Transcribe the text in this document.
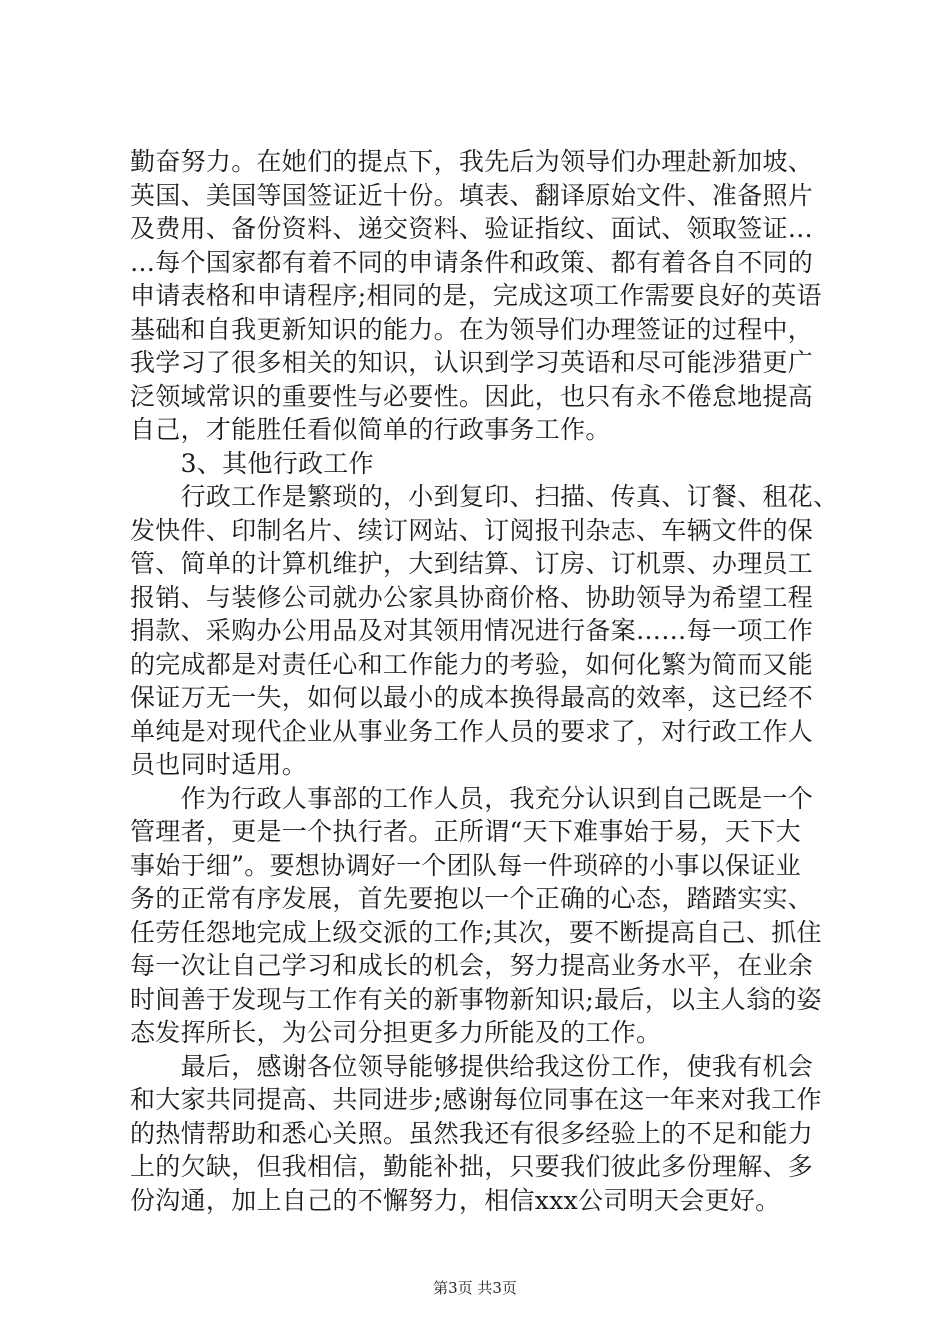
勤奋努力。在她们的提点下，我先后为领导们办理赴新加坡、
英国、美国等国签证近十份。填表、翻译原始文件、准备照片
及费用、备份资料、递交资料、验证指纹、面试、领取签证…
…每个国家都有着不同的申请条件和政策、都有着各自不同的
申请表格和申请程序;相同的是，完成这项工作需要良好的英语
基础和自我更新知识的能力。在为领导们办理签证的过程中，
我学习了很多相关的知识，认识到学习英语和尽可能涉猎更广
泛领域常识的重要性与必要性。因此，也只有永不倦怠地提高
自己，才能胜任看似简单的行政事务工作。
　　3、其他行政工作
　　行政工作是繁琐的，小到复印、扫描、传真、订餐、租花、
发快件、印制名片、续订网站、订阅报刊杂志、车辆文件的保
管、简单的计算机维护，大到结算、订房、订机票、办理员工
报销、与装修公司就办公家具协商价格、协助领导为希望工程
捐款、采购办公用品及对其领用情况进行备案……每一项工作
的完成都是对责任心和工作能力的考验，如何化繁为简而又能
保证万无一失，如何以最小的成本换得最高的效率，这已经不
单纯是对现代企业从事业务工作人员的要求了，对行政工作人
员也同时适用。
　　作为行政人事部的工作人员，我充分认识到自己既是一个
管理者，更是一个执行者。正所谓“天下难事始于易，天下大
事始于细”。要想协调好一个团队每一件琐碎的小事以保证业
务的正常有序发展，首先要抱以一个正确的心态，踏踏实实、
任劳任怨地完成上级交派的工作;其次，要不断提高自己、抓住
每一次让自己学习和成长的机会，努力提高业务水平，在业余
时间善于发现与工作有关的新事物新知识;最后，以主人翁的姿
态发挥所长，为公司分担更多力所能及的工作。
　　最后，感谢各位领导能够提供给我这份工作，使我有机会
和大家共同提高、共同进步;感谢每位同事在这一年来对我工作
的热情帮助和悉心关照。虽然我还有很多经验上的不足和能力
上的欠缺，但我相信，勤能补拙，只要我们彼此多份理解、多
份沟通，加上自己的不懈努力，相信xxx公司明天会更好。
第3页 共3页
